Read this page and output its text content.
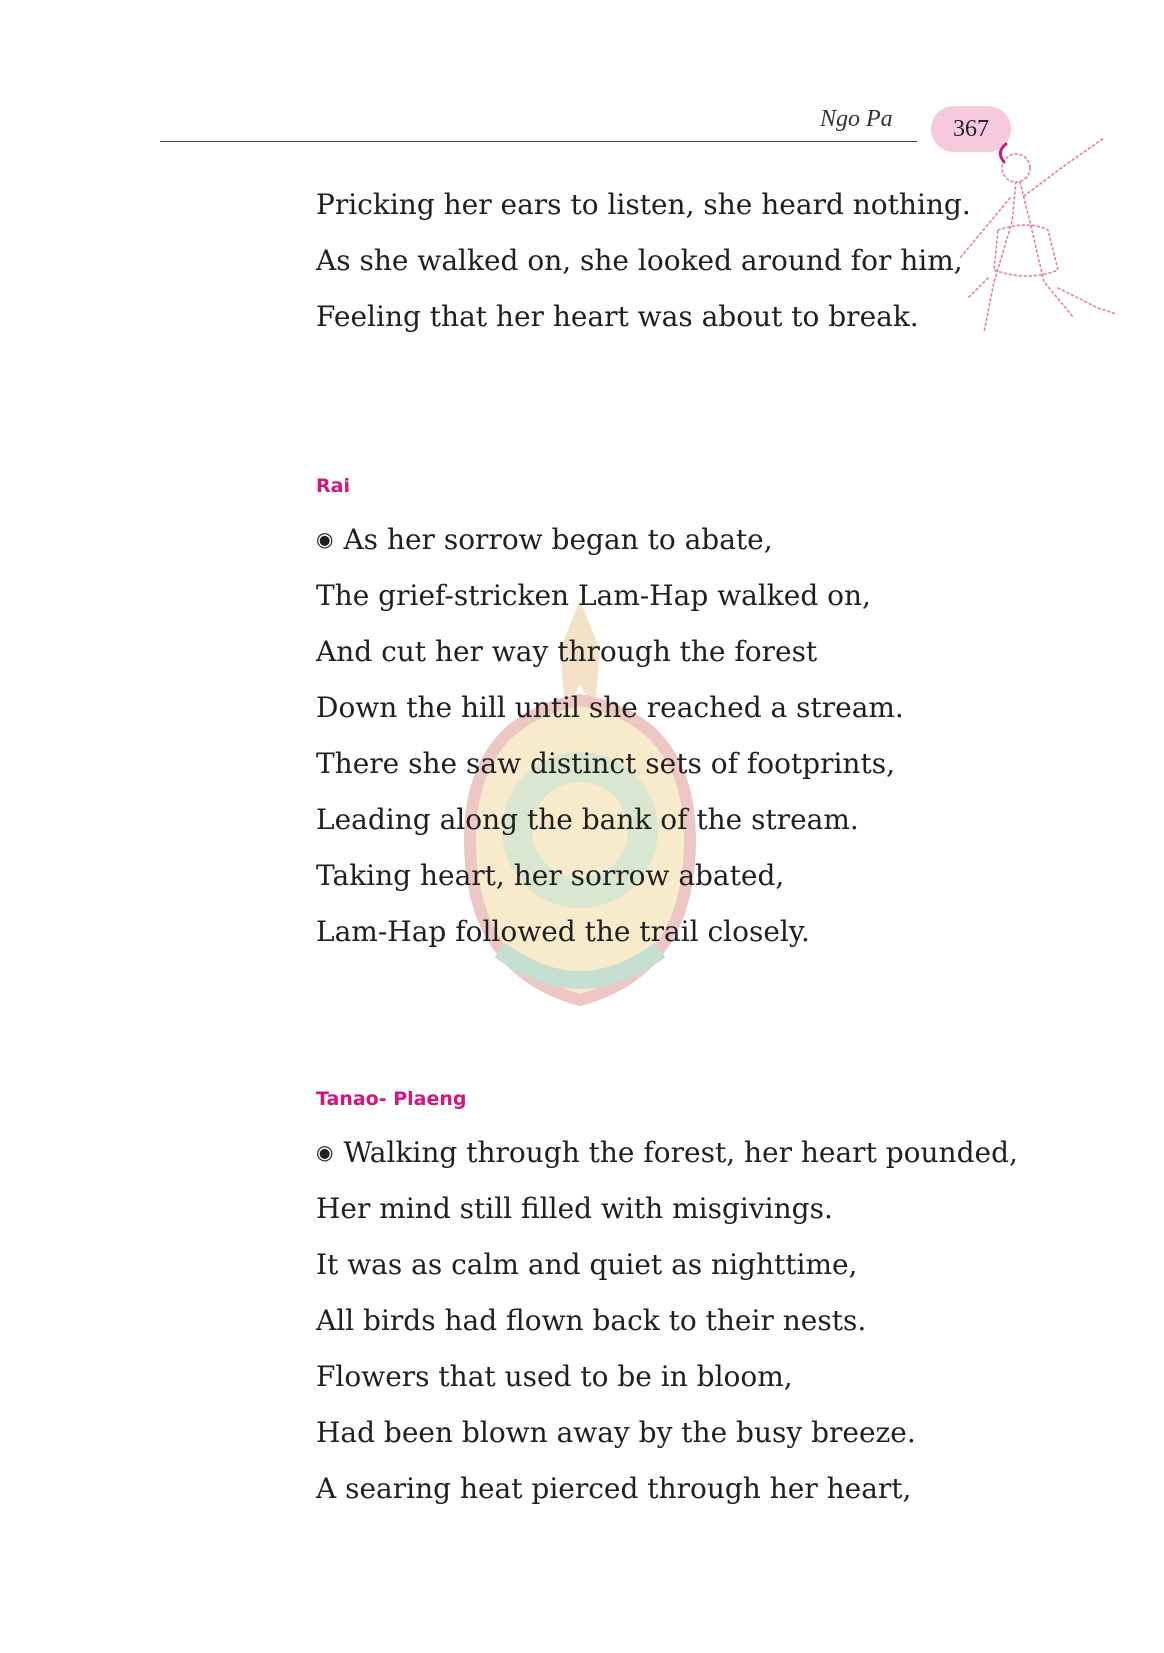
Ngo Pa	367
Pricking her ears to listen, she heard nothing.
As she walked on, she looked around for him,
Feeling that her heart was about to break.
Rai
◉ As her sorrow began to abate,
The grief-stricken Lam-Hap walked on,
And cut her way through the forest
Down the hill until she reached a stream.
There she saw distinct sets of footprints,
Leading along the bank of the stream.
Taking heart, her sorrow abated,
Lam-Hap followed the trail closely.
Tanao- Plaeng
◉ Walking through the forest, her heart pounded,
Her mind still filled with misgivings.
It was as calm and quiet as nighttime,
All birds had flown back to their nests.
Flowers that used to be in bloom,
Had been blown away by the busy breeze.
A searing heat pierced through her heart,
